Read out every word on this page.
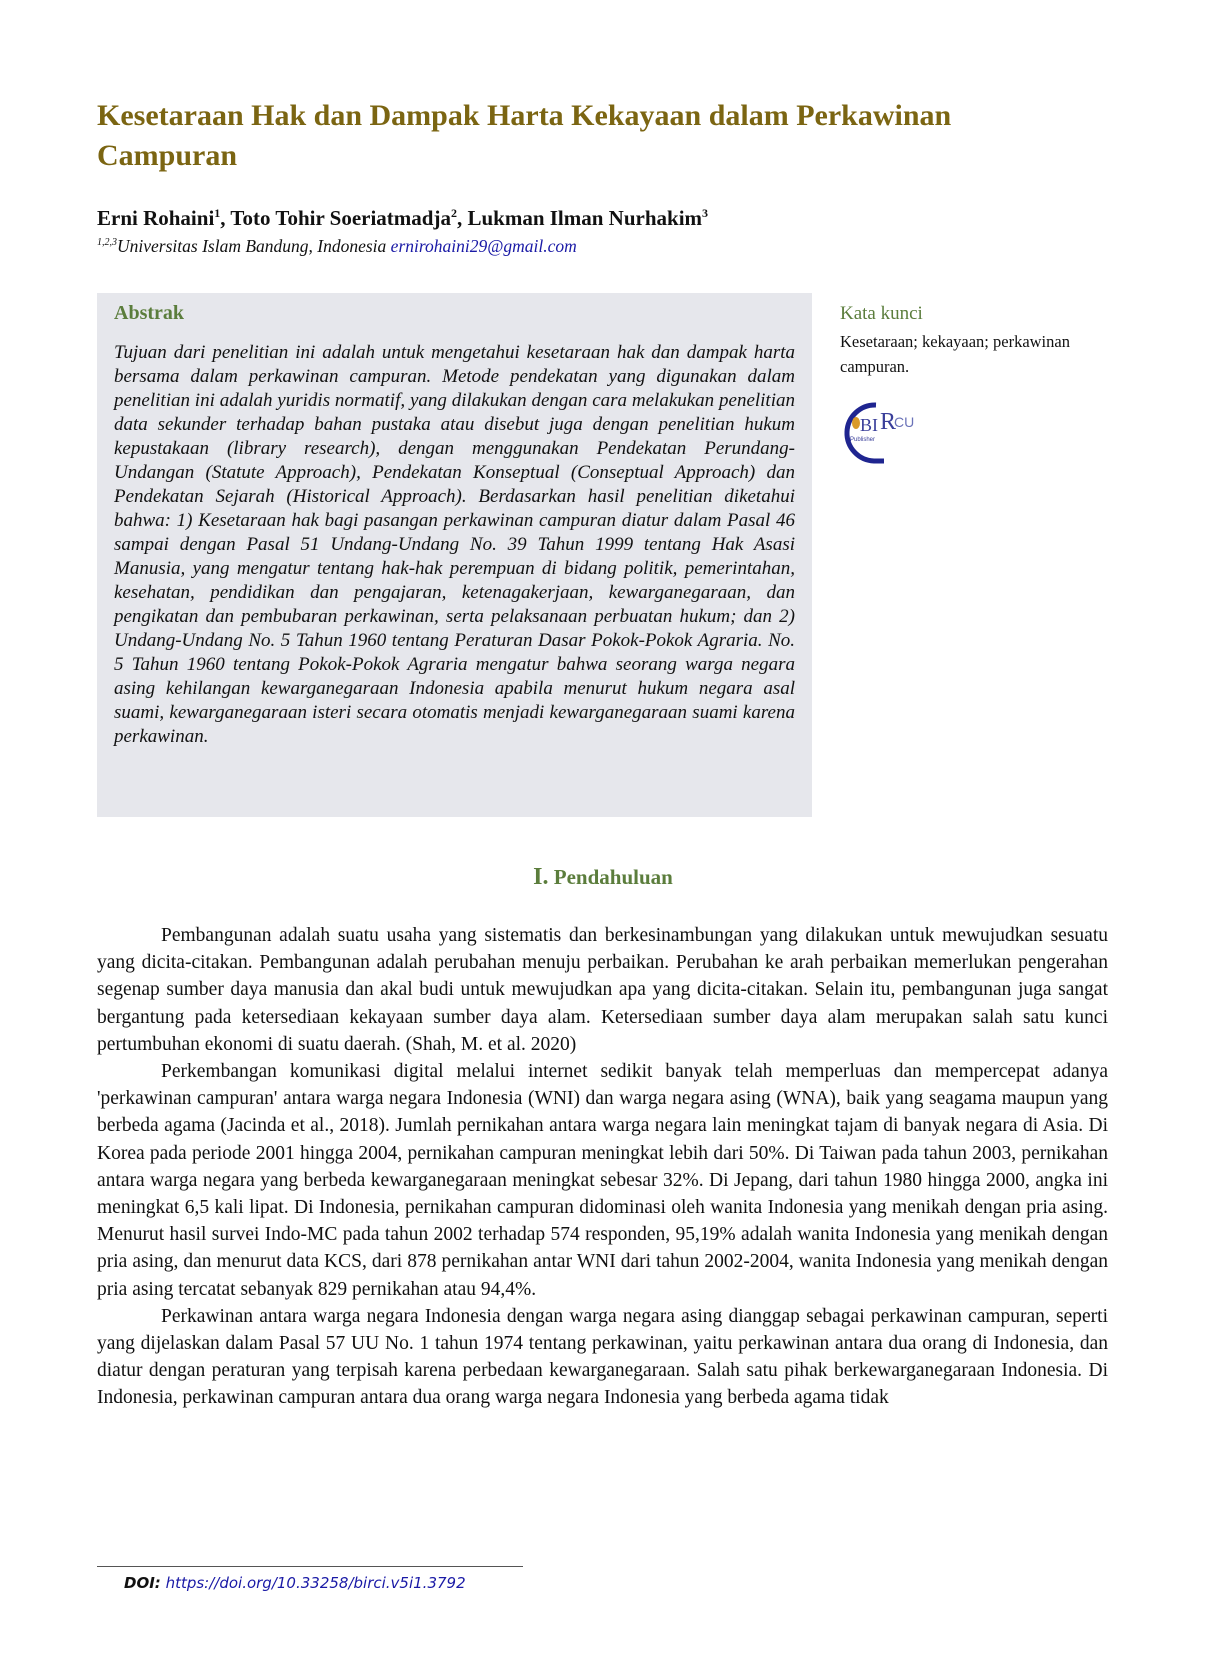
Kesetaraan Hak dan Dampak Harta Kekayaan dalam Perkawinan Campuran

Erni Rohaini$^1$, Toto Tohir Soeriatmadja$^2$, Lukman Ilman Nurhakim$^3$

$^{1,2,3}$Universitas Islam Bandung, Indonesia ernirohaini29@gmail.com
Abstrak

Tujuan dari penelitian ini adalah untuk mengetahui kesetaraan hak dan dampak harta bersama dalam perkawinan campuran. Metode pendekatan yang digunakan dalam penelitian ini adalah yuridis normatif, yang dilakukan dengan cara melakukan penelitian data sekunder terhadap bahan pustaka atau disebut juga dengan penelitian hukum kepustakaan (library research), dengan menggunakan Pendekatan Perundang-Undangan (Statute Approach), Pendekatan Konseptual (Conseptual Approach) dan Pendekatan Sejarah (Historical Approach). Berdasarkan hasil penelitian diketahui bahwa: 1) Kesetaraan hak bagi pasangan perkawinan campuran diatur dalam Pasal 46 sampai dengan Pasal 51 Undang-Undang No. 39 Tahun 1999 tentang Hak Asasi Manusia, yang mengatur tentang hak-hak perempuan di bidang politik, pemerintahan, kesehatan, pendidikan dan pengajaran, ketenagakerjaan, kewarganegaraan, dan pengikatan dan pembubaran perkawinan, serta pelaksanaan perbuatan hukum; dan 2) Undang-Undang No. 5 Tahun 1960 tentang Peraturan Dasar Pokok-Pokok Agraria. No. 5 Tahun 1960 tentang Pokok-Pokok Agraria mengatur bahwa seorang warga negara asing kehilangan kewarganegaraan Indonesia apabila menurut hukum negara asal suami, kewarganegaraan isteri secara otomatis menjadi kewarganegaraan suami karena perkawinan.

Kata kunci

Kesetaraan; kekayaan; perkawinan campuran.

BI R
CU
Publisher
I. Pendahuluan

Pembangunan adalah suatu usaha yang sistematis dan berkesinambungan yang dilakukan untuk mewujudkan sesuatu yang dicita-citakan. Pembangunan adalah perubahan menuju perbaikan. Perubahan ke arah perbaikan memerlukan pengerahan segenap sumber daya manusia dan akal budi untuk mewujudkan apa yang dicita-citakan. Selain itu, pembangunan juga sangat bergantung pada ketersediaan kekayaan sumber daya alam. Ketersediaan sumber daya alam merupakan salah satu kunci pertumbuhan ekonomi di suatu daerah. (Shah, M. et al. 2020)

Perkembangan komunikasi digital melalui internet sedikit banyak telah memperluas dan mempercepat adanya 'perkawinan campuran' antara warga negara Indonesia (WNI) dan warga negara asing (WNA), baik yang seagama maupun yang berbeda agama (Jacinda et al., 2018). Jumlah pernikahan antara warga negara lain meningkat tajam di banyak negara di Asia. Di Korea pada periode 2001 hingga 2004, pernikahan campuran meningkat lebih dari 50%. Di Taiwan pada tahun 2003, pernikahan antara warga negara yang berbeda kewarganegaraan meningkat sebesar 32%. Di Jepang, dari tahun 1980 hingga 2000, angka ini meningkat 6,5 kali lipat. Di Indonesia, pernikahan campuran didominasi oleh wanita Indonesia yang menikah dengan pria asing. Menurut hasil survei Indo-MC pada tahun 2002 terhadap 574 responden, 95,19% adalah wanita Indonesia yang menikah dengan pria asing, dan menurut data KCS, dari 878 pernikahan antar WNI dari tahun 2002-2004, wanita Indonesia yang menikah dengan pria asing tercatat sebanyak 829 pernikahan atau 94,4%.

Perkawinan antara warga negara Indonesia dengan warga negara asing dianggap sebagai perkawinan campuran, seperti yang dijelaskan dalam Pasal 57 UU No. 1 tahun 1974 tentang perkawinan, yaitu perkawinan antara dua orang di Indonesia, dan diatur dengan peraturan yang terpisah karena perbedaan kewarganegaraan. Salah satu pihak berkewarganegaraan Indonesia. Di Indonesia, perkawinan campuran antara dua orang warga negara Indonesia yang berbeda agama tidak

DOI: https://doi.org/10.33258/birci.v5i1.3792
